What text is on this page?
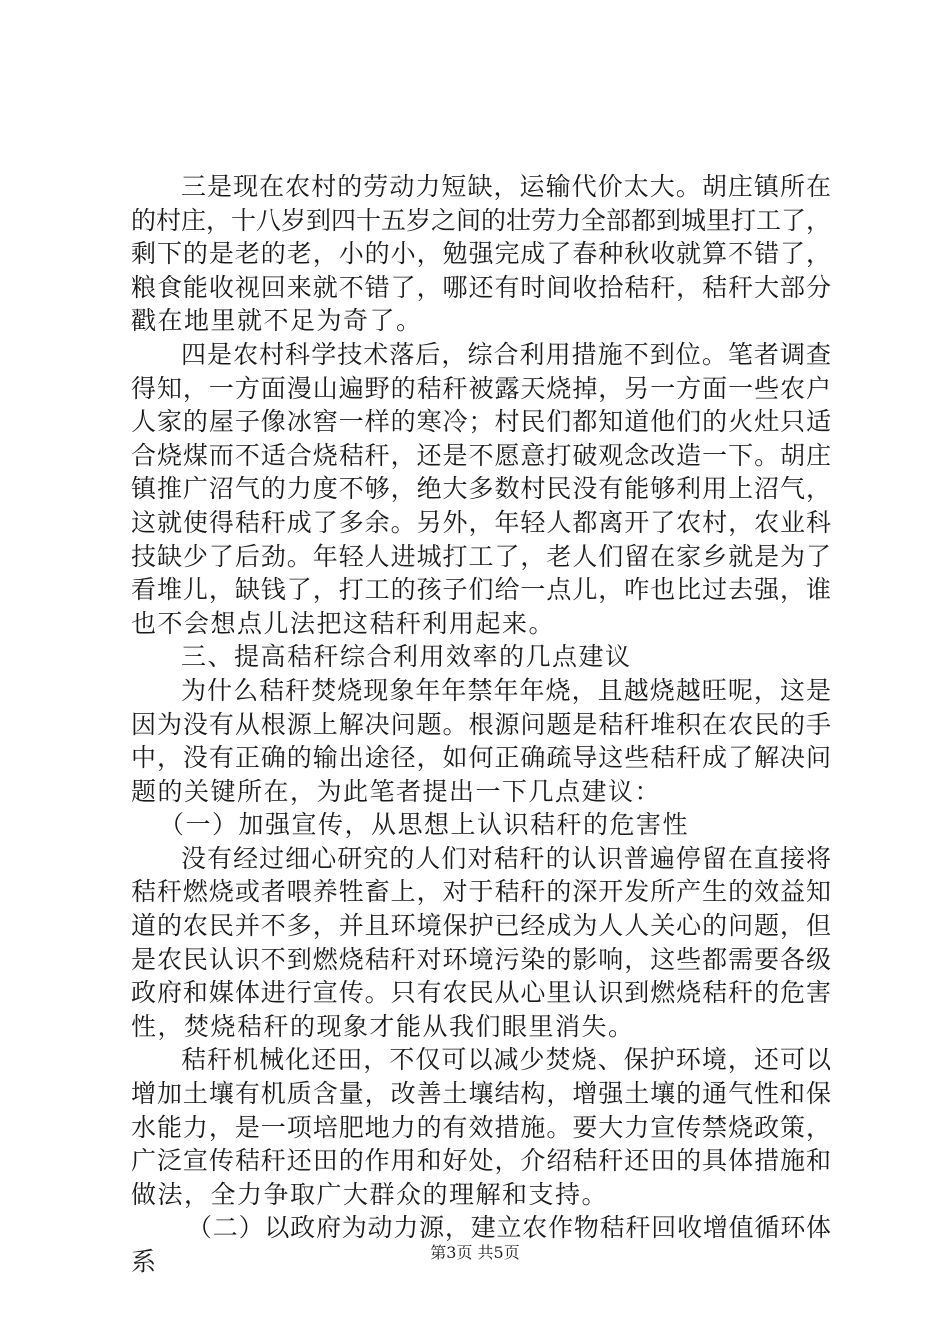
三是现在农村的劳动力短缺，运输代价太大。胡庄镇所在
的村庄，十八岁到四十五岁之间的壮劳力全部都到城里打工了，
剩下的是老的老，小的小，勉强完成了春种秋收就算不错了，
粮食能收视回来就不错了，哪还有时间收拾秸秆，秸秆大部分
戳在地里就不足为奇了。
四是农村科学技术落后，综合利用措施不到位。笔者调查
得知，一方面漫山遍野的秸秆被露天烧掉，另一方面一些农户
人家的屋子像冰窖一样的寒冷；村民们都知道他们的火灶只适
合烧煤而不适合烧秸秆，还是不愿意打破观念改造一下。胡庄
镇推广沼气的力度不够，绝大多数村民没有能够利用上沼气，
这就使得秸秆成了多余。另外，年轻人都离开了农村，农业科
技缺少了后劲。年轻人进城打工了，老人们留在家乡就是为了
看堆儿，缺钱了，打工的孩子们给一点儿，咋也比过去强，谁
也不会想点儿法把这秸秆利用起来。
三、提高秸秆综合利用效率的几点建议
为什么秸秆焚烧现象年年禁年年烧，且越烧越旺呢，这是
因为没有从根源上解决问题。根源问题是秸秆堆积在农民的手
中，没有正确的输出途径，如何正确疏导这些秸秆成了解决问
题的关键所在，为此笔者提出一下几点建议：
（一）加强宣传，从思想上认识秸秆的危害性
没有经过细心研究的人们对秸秆的认识普遍停留在直接将
秸秆燃烧或者喂养牲畜上，对于秸秆的深开发所产生的效益知
道的农民并不多，并且环境保护已经成为人人关心的问题，但
是农民认识不到燃烧秸秆对环境污染的影响，这些都需要各级
政府和媒体进行宣传。只有农民从心里认识到燃烧秸秆的危害
性，焚烧秸秆的现象才能从我们眼里消失。
秸秆机械化还田，不仅可以减少焚烧、保护环境，还可以
增加土壤有机质含量，改善土壤结构，增强土壤的通气性和保
水能力，是一项培肥地力的有效措施。要大力宣传禁烧政策，
广泛宣传秸秆还田的作用和好处，介绍秸秆还田的具体措施和
做法，全力争取广大群众的理解和支持。
（二）以政府为动力源，建立农作物秸秆回收增值循环体
系	第3页 共5页
